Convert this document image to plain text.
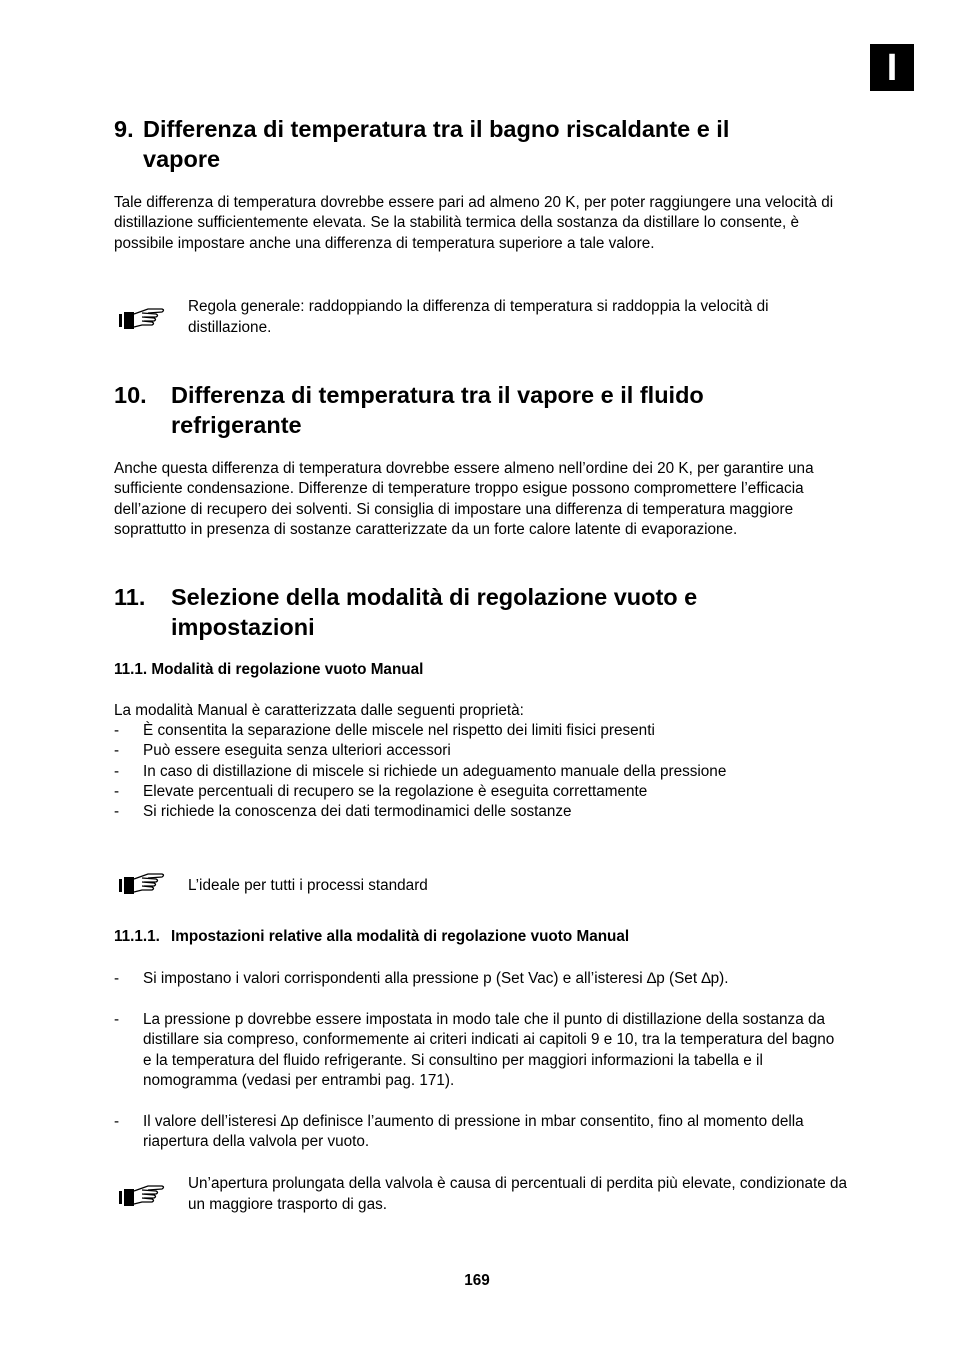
I
9. Differenza di temperatura tra il bagno riscaldante e il
vapore
Tale differenza di temperatura dovrebbe essere pari ad almeno 20 K, per poter raggiungere una velocità di distillazione sufficientemente elevata. Se la stabilità termica della sostanza da distillare lo consente, è possibile impostare anche una differenza di temperatura superiore a tale valore.
Regola generale: raddoppiando la differenza di temperatura si raddoppia la velocità di distillazione.
10. Differenza di temperatura tra il vapore e il fluido
refrigerante
Anche questa differenza di temperatura dovrebbe essere almeno nell’ordine dei 20 K, per garantire una sufficiente condensazione. Differenze di temperature troppo esigue possono compromettere l’efficacia dell’azione di recupero dei solventi. Si consiglia di impostare una differenza di temperatura maggiore soprattutto in presenza di sostanze caratterizzate da un forte calore latente di evaporazione.
11. Selezione della modalità di regolazione vuoto e
impostazioni
11.1. Modalità di regolazione vuoto Manual
La modalità Manual è caratterizzata dalle seguenti proprietà:
- È consentita la separazione delle miscele nel rispetto dei limiti fisici presenti
- Può essere eseguita senza ulteriori accessori
- In caso di distillazione di miscele si richiede un adeguamento manuale della pressione
- Elevate percentuali di recupero se la regolazione è eseguita correttamente
- Si richiede la conoscenza dei dati termodinamici delle sostanze
L’ideale per tutti i processi standard
11.1.1. Impostazioni relative alla modalità di regolazione vuoto Manual
- Si impostano i valori corrispondenti alla pressione p (Set Vac) e all’isteresi ∆p (Set ∆p).
- La pressione p dovrebbe essere impostata in modo tale che il punto di distillazione della sostanza da distillare sia compreso, conformemente ai criteri indicati ai capitoli 9 e 10, tra la temperatura del bagno e la temperatura del fluido refrigerante. Si consultino per maggiori informazioni la tabella e il nomogramma (vedasi per entrambi pag. 171).
- Il valore dell’isteresi ∆p definisce l’aumento di pressione in mbar consentito, fino al momento della riapertura della valvola per vuoto.
Un’apertura prolungata della valvola è causa di percentuali di perdita più elevate, condizionate da un maggiore trasporto di gas.
169
